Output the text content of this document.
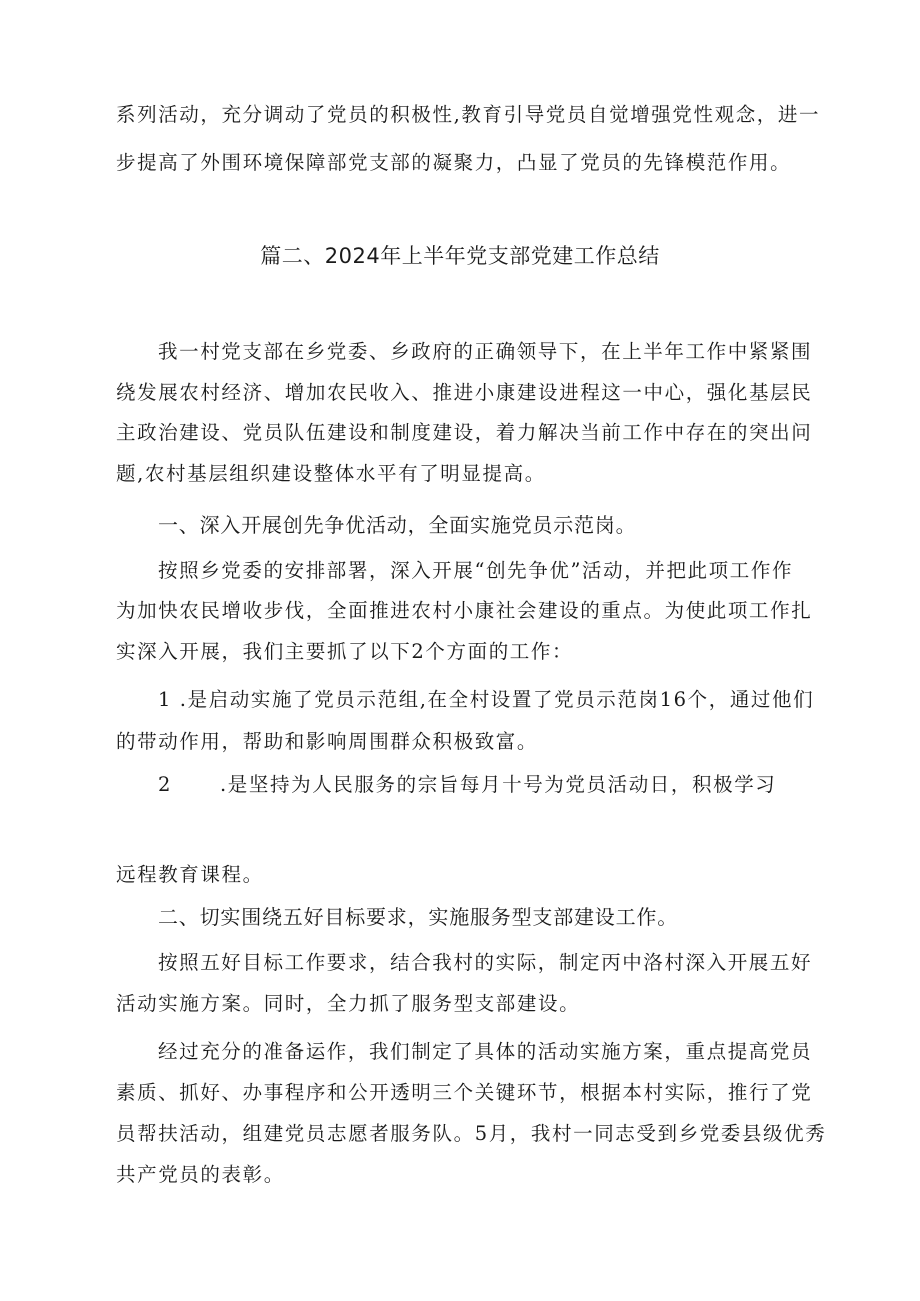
系列活动，充分调动了党员的积极性,教育引导党员自觉增强党性观念，进一
步提高了外围环境保障部党支部的凝聚力，凸显了党员的先锋模范作用。
篇二、2024年上半年党支部党建工作总结
我一村党支部在乡党委、乡政府的正确领导下，在上半年工作中紧紧围
绕发展农村经济、增加农民收入、推进小康建设进程这一中心，强化基层民
主政治建设、党员队伍建设和制度建设，着力解决当前工作中存在的突出问
题,农村基层组织建设整体水平有了明显提高。
一、深入开展创先争优活动，全面实施党员示范岗。
按照乡党委的安排部署，深入开展“创先争优”活动，并把此项工作作
为加快农民增收步伐，全面推进农村小康社会建设的重点。为使此项工作扎
实深入开展，我们主要抓了以下2个方面的工作：
1 .是启动实施了党员示范组,在全村设置了党员示范岗16个，通过他们
的带动作用，帮助和影响周围群众积极致富。
2 .是坚持为人民服务的宗旨每月十号为党员活动日，积极学习
远程教育课程。
二、切实围绕五好目标要求，实施服务型支部建设工作。
按照五好目标工作要求，结合我村的实际，制定丙中洛村深入开展五好
活动实施方案。同时，全力抓了服务型支部建设。
经过充分的准备运作，我们制定了具体的活动实施方案，重点提高党员
素质、抓好、办事程序和公开透明三个关键环节，根据本村实际，推行了党
员帮扶活动，组建党员志愿者服务队。5月，我村一同志受到乡党委县级优秀
共产党员的表彰。
